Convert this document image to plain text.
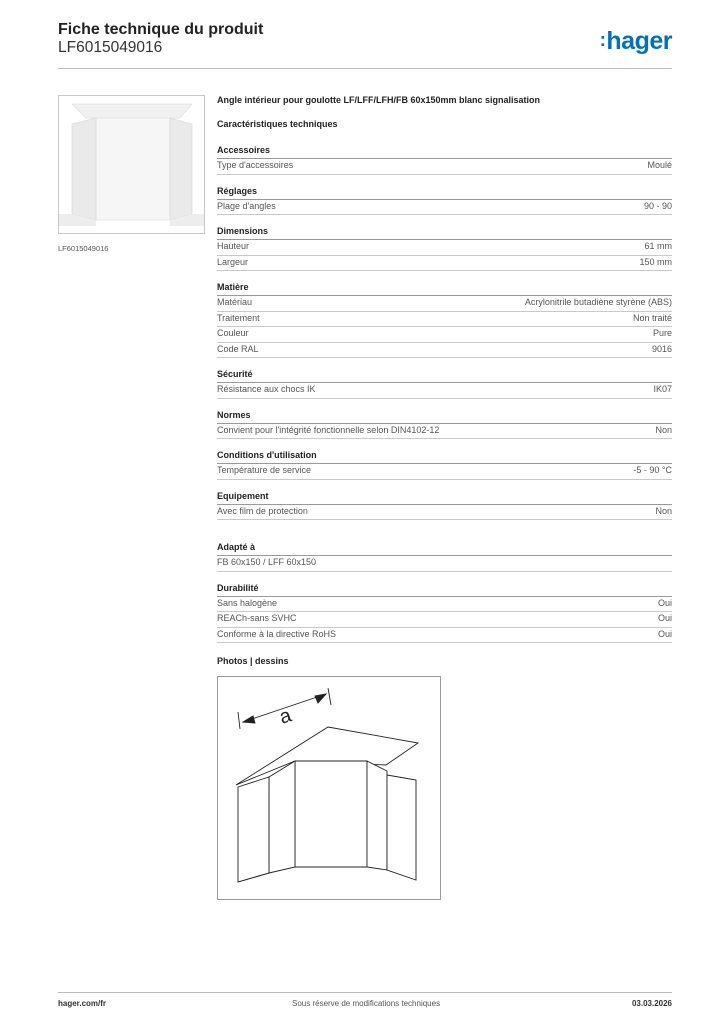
Fiche technique du produit
LF6015049016	:hager
LF6015049016
Angle intérieur pour goulotte LF/LFF/LFH/FB 60x150mm blanc signalisation
Caractéristiques techniques
Accessoires
Type d'accessoires	Moulé
Réglages
Plage d'angles	90 - 90
Dimensions
Hauteur	61 mm
Largeur	150 mm
Matière
Matériau	Acrylonitrile butadiène styrène (ABS)
Traitement	Non traité
Couleur	Pure
Code RAL	9016
Sécurité
Résistance aux chocs IK	IK07
Normes
Convient pour l'intégrité fonctionnelle selon DIN4102-12	Non
Conditions d'utilisation
Température de service	-5 - 90 °C
Equipement
Avec film de protection	Non
Adapté à
FB 60x150 / LFF 60x150
Durabilité
Sans halogène	Oui
REACh-sans SVHC	Oui
Conforme à la directive RoHS	Oui
Photos | dessins
a
hager.com/fr	Sous réserve de modifications techniques	03.03.2026
